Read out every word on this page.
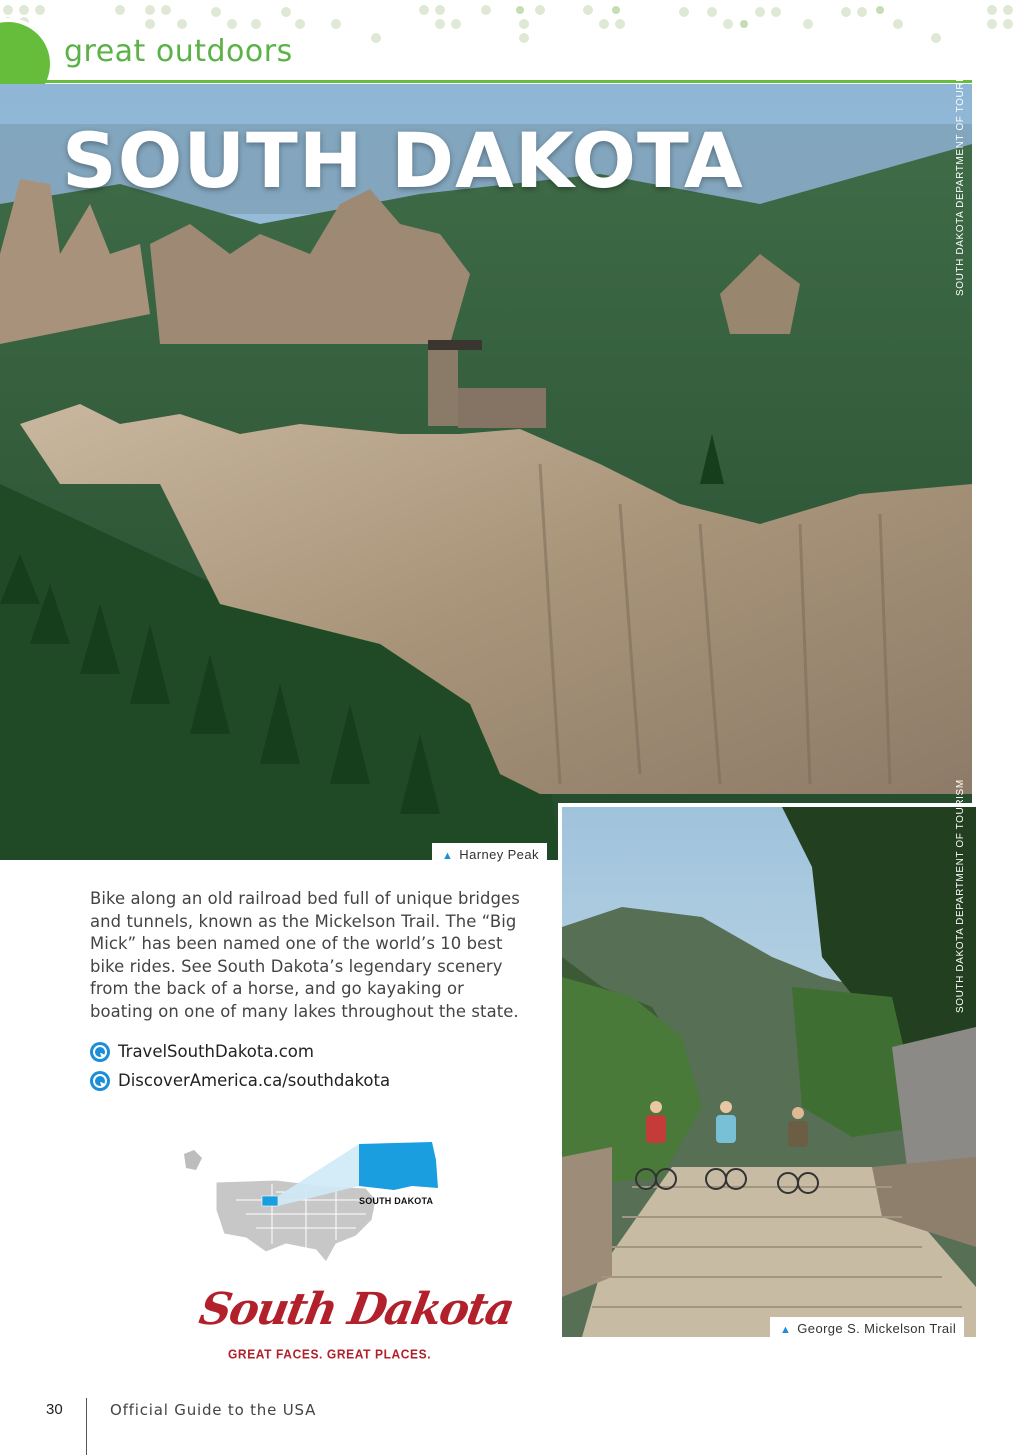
great outdoors
SOUTH DAKOTA	SOUTH DAKOTA DEPARTMENT OF TOURISM
SOUTH DAKOTA DEPARTMENT OF TOURISM
▲ Harney Peak
▲ George S. Mickelson Trail
Bike along an old railroad bed full of unique bridges and tunnels, known as the Mickelson Trail. The “Big Mick” has been named one of the world’s 10 best bike rides. See South Dakota’s legendary scenery from the back of a horse, and go kayaking or boating on one of many lakes throughout the state.
TravelSouthDakota.com
DiscoverAmerica.ca/southdakota
SOUTH DAKOTA
South Dakota
GREAT FACES. GREAT PLACES.
30	Official Guide to the USA
